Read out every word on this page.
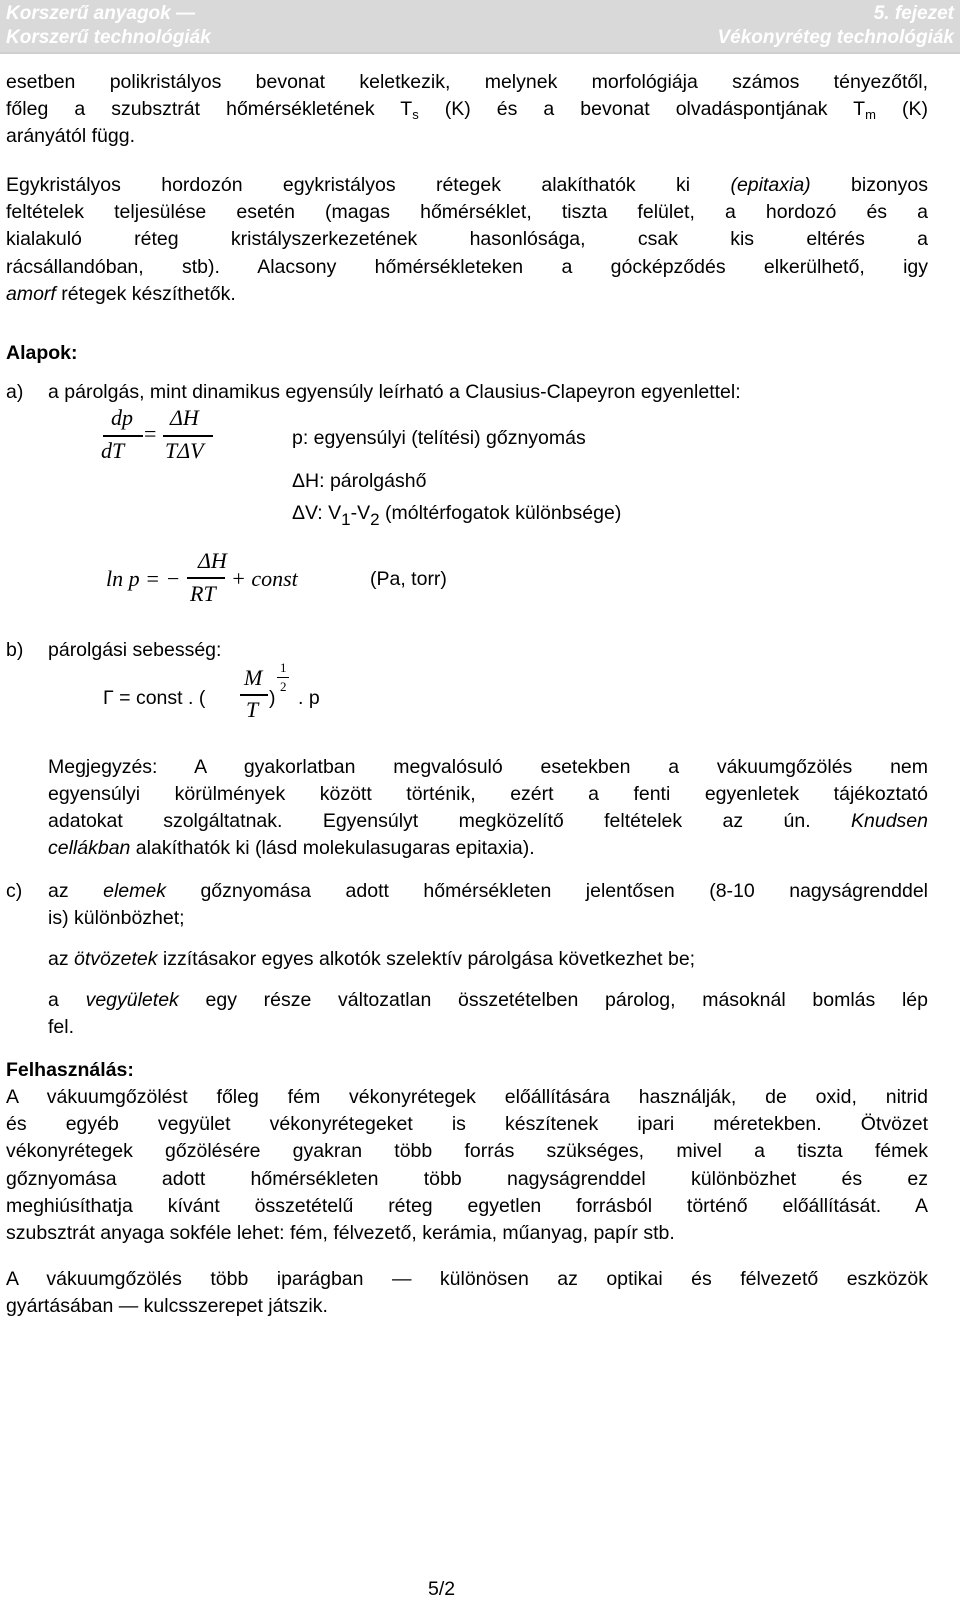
Korszerű anyagok —
Korszerű technológiák
5. fejezet
Vékonyréteg technológiák

esetben polikristályos bevonat keletkezik, melynek morfológiája számos tényezőtől,

főleg a szubsztrát hőmérsékletének $T_s$ (K) és a bevonat olvadáspontjának $T_m$ (K)

arányától függ.

Egykristályos hordozón egykristályos rétegek alakíthatók ki (epitaxia) bizonyos

feltételek teljesülése esetén (magas hőmérséklet, tiszta felület, a hordozó és a

kialakuló réteg kristályszerkezetének hasonlósága, csak kis eltérés a

rácsállandóban, stb). Alacsony hőmérsékleteken a gócképződés elkerülhető, igy

amorf rétegek készíthetők.

Alapok:

a) a párolgás, mint dinamikus egyensúly leírható a Clausius-Clapeyron egyenlettel:

dp
dT
=
ΔH
TΔV	p: egyensúlyi (telítési) gőznyomás

ΔH: párolgáshő

ΔV: $V_1-V_2$ (móltérfogatok különbsége)

ln p = −
ΔH
RT
+ const	(Pa, torr)

b) párolgási sebesség:

Γ = const . (
M
T )
1
2
. p

Megjegyzés: A gyakorlatban megvalósuló esetekben a vákuumgőzölés nem

egyensúlyi körülmények között történik, ezért a fenti egyenletek tájékoztató

adatokat szolgáltatnak. Egyensúlyt megközelítő feltételek az ún. Knudsen

cellákban alakíthatók ki (lásd molekulasugaras epitaxia).

c) az elemek gőznyomása adott hőmérsékleten jelentősen (8-10 nagyságrenddel

is) különbözhet;

az ötvözetek izzításakor egyes alkotók szelektív párolgása következhet be;

a vegyületek egy része változatlan összetételben párolog, másoknál bomlás lép

fel.

Felhasználás:

A vákuumgőzölést főleg fém vékonyrétegek előállítására használják, de oxid, nitrid

és egyéb vegyület vékonyrétegeket is készítenek ipari méretekben. Ötvözet

vékonyrétegek gőzölésére gyakran több forrás szükséges, mivel a tiszta fémek

gőznyomása adott hőmérsékleten több nagyságrenddel különbözhet és ez

meghiúsíthatja kívánt összetételű réteg egyetlen forrásból történő előállítását. A

szubsztrát anyaga sokféle lehet: fém, félvezető, kerámia, műanyag, papír stb.

A vákuumgőzölés több iparágban — különösen az optikai és félvezető eszközök

gyártásában — kulcsszerepet játszik.

5/2
